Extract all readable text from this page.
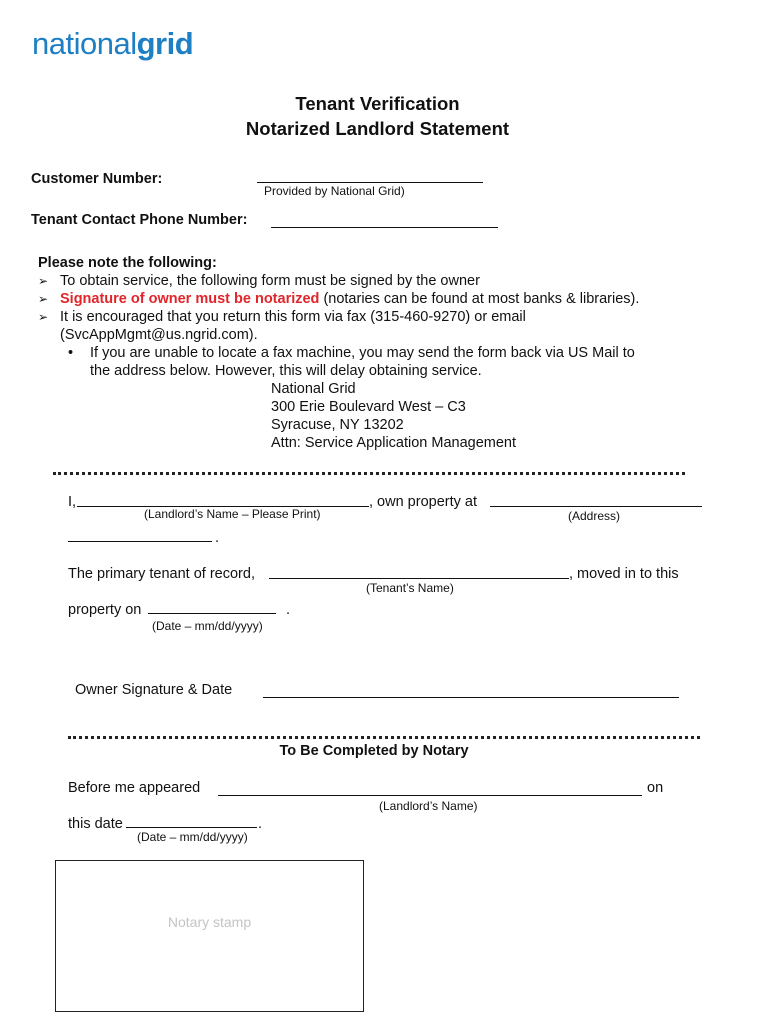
nationalgrid
Tenant Verification
Notarized Landlord Statement
Customer Number:
Provided by National Grid)
Tenant Contact Phone Number:
Please note the following:
➢ To obtain service, the following form must be signed by the owner
➢ Signature of owner must be notarized (notaries can be found at most banks & libraries).
➢ It is encouraged that you return this form via fax (315-460-9270) or email
(SvcAppMgmt@us.ngrid.com).
• If you are unable to locate a fax machine, you may send the form back via US Mail to
the address below. However, this will delay obtaining service.
National Grid
300 Erie Boulevard West – C3
Syracuse, NY 13202
Attn: Service Application Management
I,	, own property at
(Landlord’s Name – Please Print)	(Address)
.
The primary tenant of record,	, moved in to this
(Tenant’s Name)
property on	.
(Date – mm/dd/yyyy)
Owner Signature & Date
To Be Completed by Notary
Before me appeared	on
(Landlord’s Name)
this date	.
(Date – mm/dd/yyyy)
Notary stamp
